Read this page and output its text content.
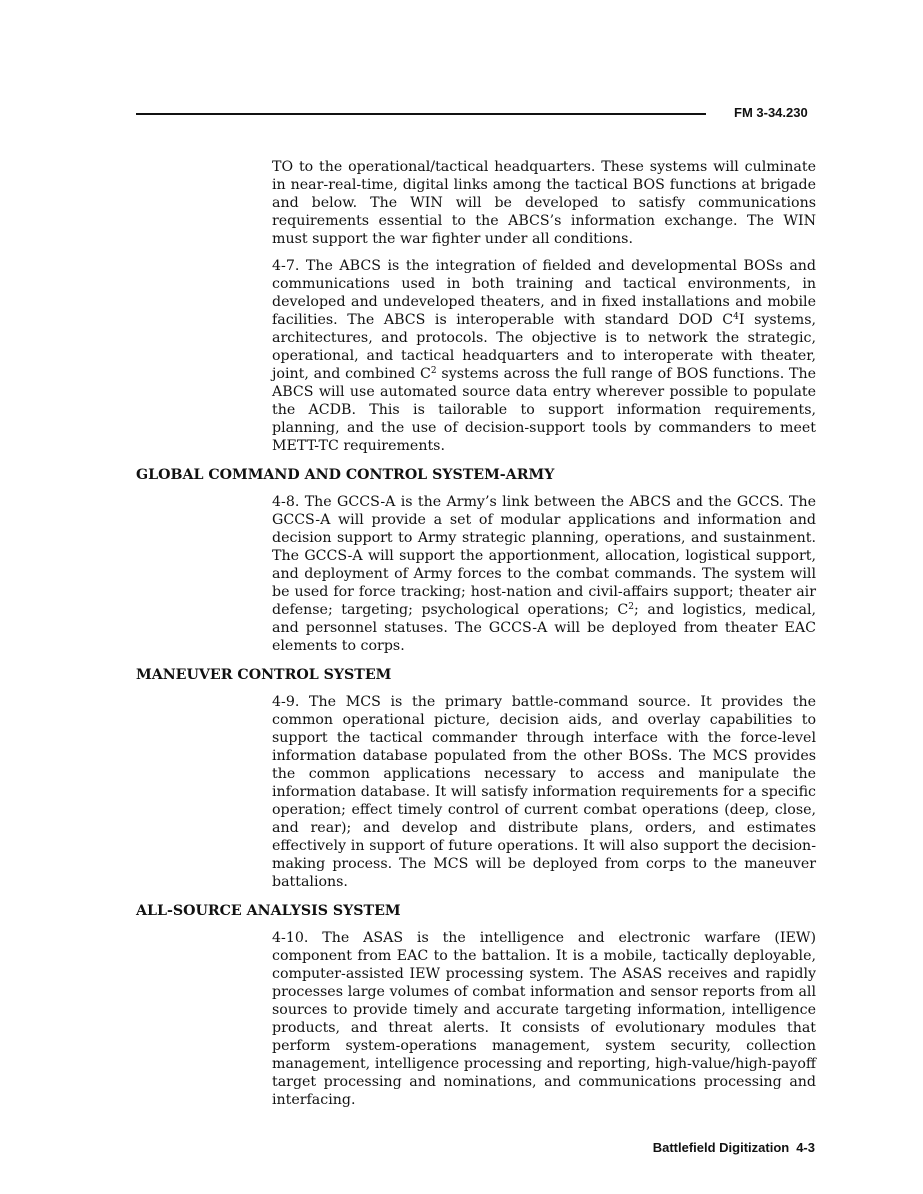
FM 3-34.230

TO to the operational/tactical headquarters. These systems will culminate in near-real-time, digital links among the tactical BOS functions at brigade and below. The WIN will be developed to satisfy communications requirements essential to the ABCS’s information exchange. The WIN must support the war fighter under all conditions.

4-7. The ABCS is the integration of fielded and developmental BOSs and communications used in both training and tactical environments, in developed and undeveloped theaters, and in fixed installations and mobile facilities. The ABCS is interoperable with standard DOD $C^4I$ systems, architectures, and protocols. The objective is to network the strategic, operational, and tactical headquarters and to interoperate with theater, joint, and combined $C^2$ systems across the full range of BOS functions. The ABCS will use automated source data entry wherever possible to populate the ACDB. This is tailorable to support information requirements, planning, and the use of decision-support tools by commanders to meet METT-TC requirements.

GLOBAL COMMAND AND CONTROL SYSTEM-ARMY

4-8. The GCCS-A is the Army’s link between the ABCS and the GCCS. The GCCS-A will provide a set of modular applications and information and decision support to Army strategic planning, operations, and sustainment. The GCCS-A will support the apportionment, allocation, logistical support, and deployment of Army forces to the combat commands. The system will be used for force tracking; host-nation and civil-affairs support; theater air defense; targeting; psychological operations; $C^2$; and logistics, medical, and personnel statuses. The GCCS-A will be deployed from theater EAC elements to corps.

MANEUVER CONTROL SYSTEM

4-9. The MCS is the primary battle-command source. It provides the common operational picture, decision aids, and overlay capabilities to support the tactical commander through interface with the force-level information database populated from the other BOSs. The MCS provides the common applications necessary to access and manipulate the information database. It will satisfy information requirements for a specific operation; effect timely control of current combat operations (deep, close, and rear); and develop and distribute plans, orders, and estimates effectively in support of future operations. It will also support the decision-making process. The MCS will be deployed from corps to the maneuver battalions.

ALL-SOURCE ANALYSIS SYSTEM

4-10. The ASAS is the intelligence and electronic warfare (IEW) component from EAC to the battalion. It is a mobile, tactically deployable, computer-assisted IEW processing system. The ASAS receives and rapidly processes large volumes of combat information and sensor reports from all sources to provide timely and accurate targeting information, intelligence products, and threat alerts. It consists of evolutionary modules that perform system-operations management, system security, collection management, intelligence processing and reporting, high-value/high-payoff target processing and nominations, and communications processing and interfacing.

Battlefield Digitization 4-3
